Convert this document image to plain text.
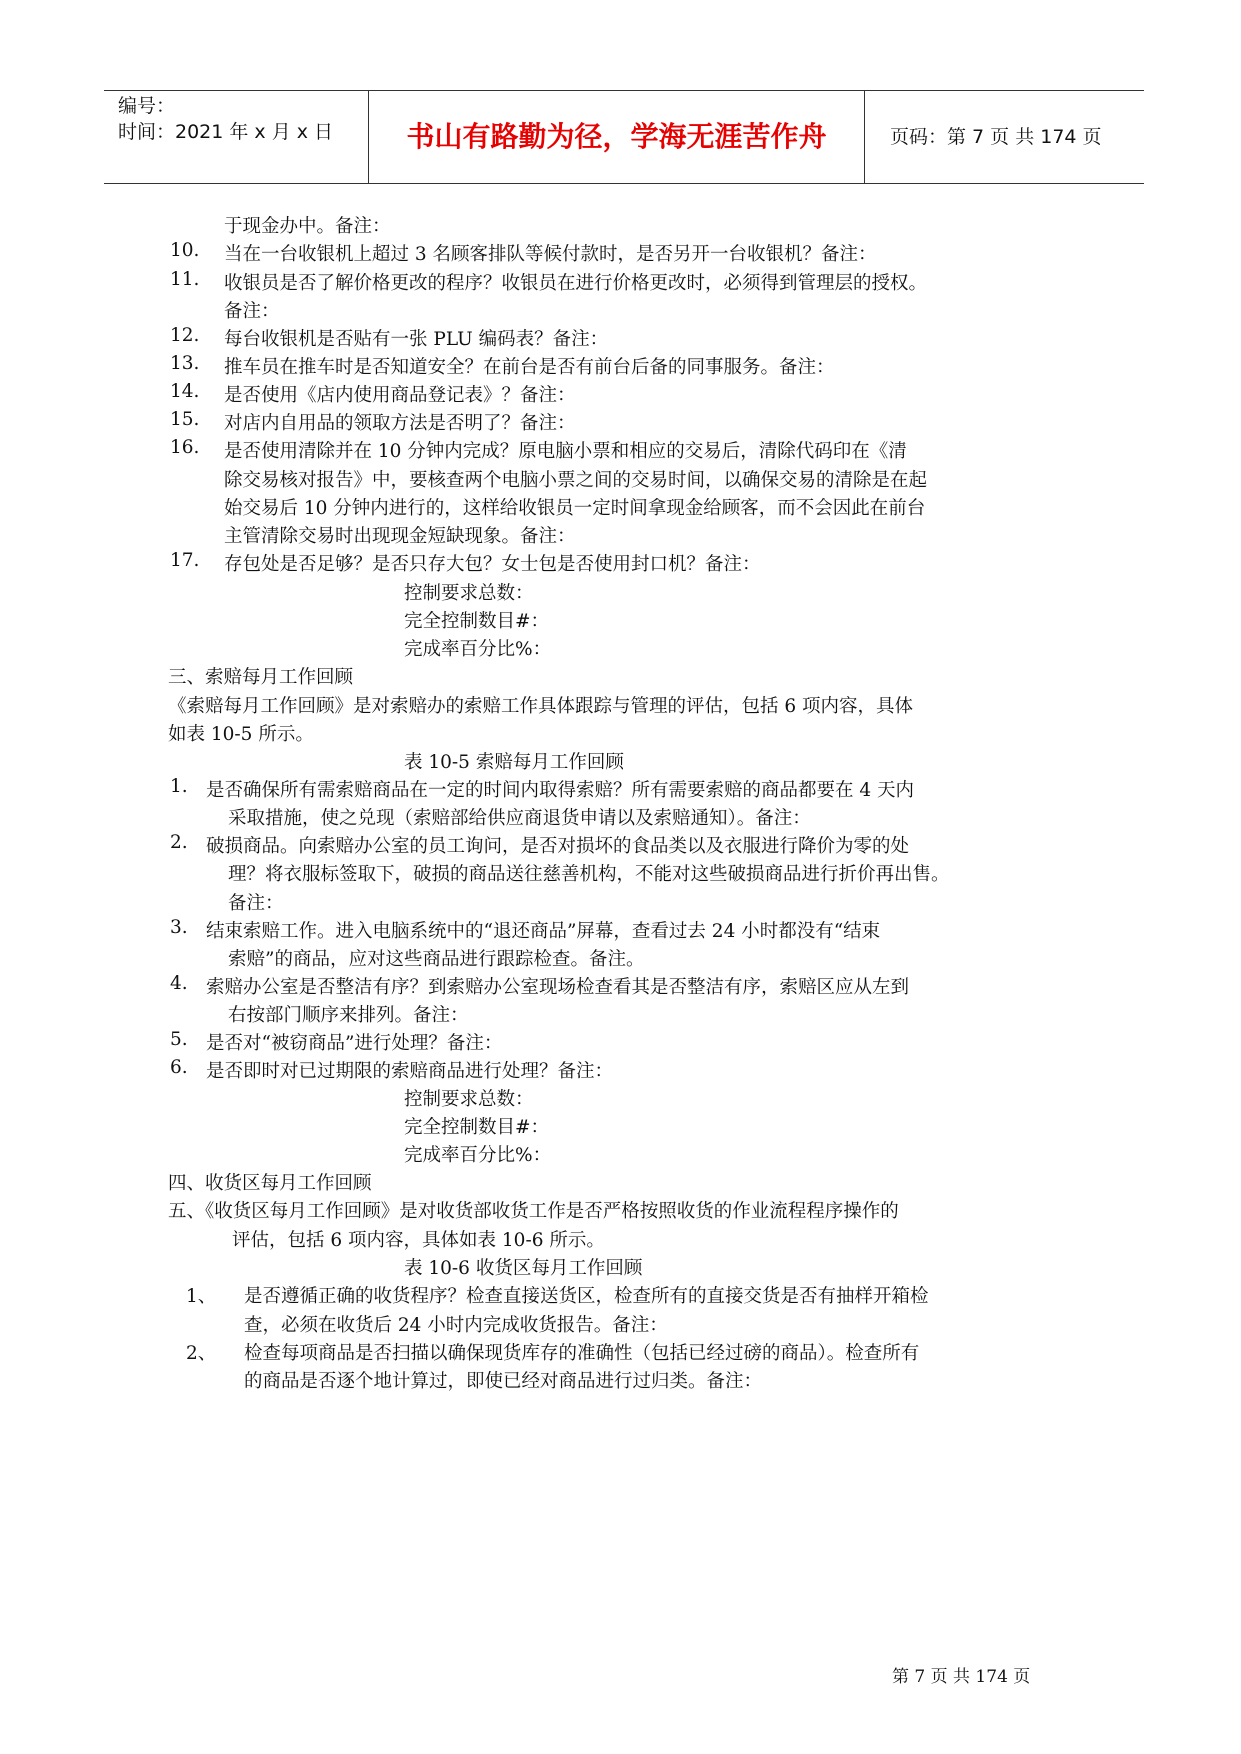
编号：
时间：2021 年 x 月 x 日	书山有路勤为径，学海无涯苦作舟	页码：第 7 页 共 174 页
于现金办中。备注：
10. 当在一台收银机上超过 3 名顾客排队等候付款时，是否另开一台收银机？备注：
11. 收银员是否了解价格更改的程序？收银员在进行价格更改时，必须得到管理层的授权。
备注：
12. 每台收银机是否贴有一张 PLU 编码表？备注：
13. 推车员在推车时是否知道安全？在前台是否有前台后备的同事服务。备注：
14. 是否使用《店内使用商品登记表》？备注：
15. 对店内自用品的领取方法是否明了？备注：
16. 是否使用清除并在 10 分钟内完成？原电脑小票和相应的交易后，清除代码印在《清
除交易核对报告》中，要核查两个电脑小票之间的交易时间，以确保交易的清除是在起
始交易后 10 分钟内进行的，这样给收银员一定时间拿现金给顾客，而不会因此在前台
主管清除交易时出现现金短缺现象。备注：
17. 存包处是否足够？是否只存大包？女士包是否使用封口机？备注：
控制要求总数：
完全控制数目#：
完成率百分比%：
三、索赔每月工作回顾
《索赔每月工作回顾》是对索赔办的索赔工作具体跟踪与管理的评估，包括 6 项内容，具体
如表 10-5 所示。
表 10-5 索赔每月工作回顾
1. 是否确保所有需索赔商品在一定的时间内取得索赔？所有需要索赔的商品都要在 4 天内
采取措施，使之兑现（索赔部给供应商退货申请以及索赔通知）。备注：
2. 破损商品。向索赔办公室的员工询问，是否对损坏的食品类以及衣服进行降价为零的处
理？将衣服标签取下，破损的商品送往慈善机构，不能对这些破损商品进行折价再出售。
备注：
3. 结束索赔工作。进入电脑系统中的“退还商品”屏幕，查看过去 24 小时都没有“结束
索赔”的商品，应对这些商品进行跟踪检查。备注。
4. 索赔办公室是否整洁有序？到索赔办公室现场检查看其是否整洁有序，索赔区应从左到
右按部门顺序来排列。备注：
5. 是否对“被窃商品”进行处理？备注：
6. 是否即时对已过期限的索赔商品进行处理？备注：
控制要求总数：
完全控制数目#：
完成率百分比%：
四、收货区每月工作回顾
五、《收货区每月工作回顾》是对收货部收货工作是否严格按照收货的作业流程程序操作的
评估，包括 6 项内容，具体如表 10-6 所示。
表 10-6 收货区每月工作回顾
1、 是否遵循正确的收货程序？检查直接送货区，检查所有的直接交货是否有抽样开箱检
查，必须在收货后 24 小时内完成收货报告。备注：
2、 检查每项商品是否扫描以确保现货库存的准确性（包括已经过磅的商品）。检查所有
的商品是否逐个地计算过，即使已经对商品进行过归类。备注：
第 7 页 共 174 页
